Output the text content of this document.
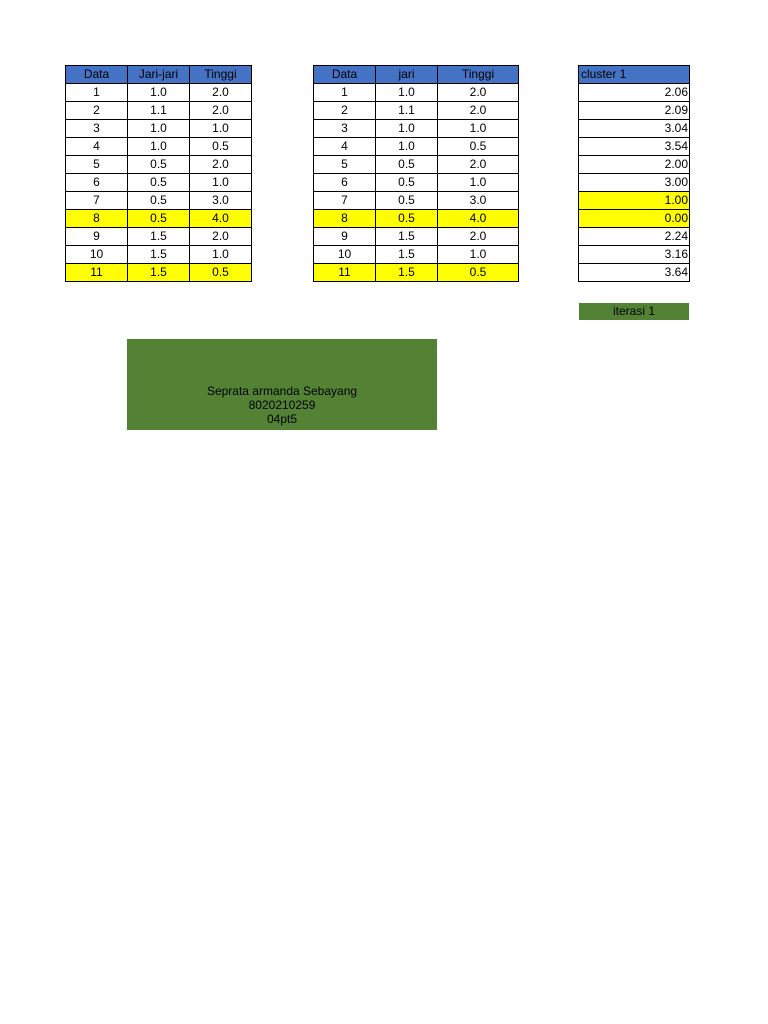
Data	Jari-jari	Tinggi
1	1.0	2.0
2	1.1	2.0
3	1.0	1.0
4	1.0	0.5
5	0.5	2.0
6	0.5	1.0
7	0.5	3.0
8	0.5	4.0
9	1.5	2.0
10	1.5	1.0
11	1.5	0.5
Data	jari	Tinggi
1	1.0	2.0
2	1.1	2.0
3	1.0	1.0
4	1.0	0.5
5	0.5	2.0
6	0.5	1.0
7	0.5	3.0
8	0.5	4.0
9	1.5	2.0
10	1.5	1.0
11	1.5	0.5
cluster 1
2.06
2.09
3.04
3.54
2.00
3.00
1.00
0.00
2.24
3.16
3.64
iterasi 1
Seprata armanda Sebayang
8020210259
04pt5
